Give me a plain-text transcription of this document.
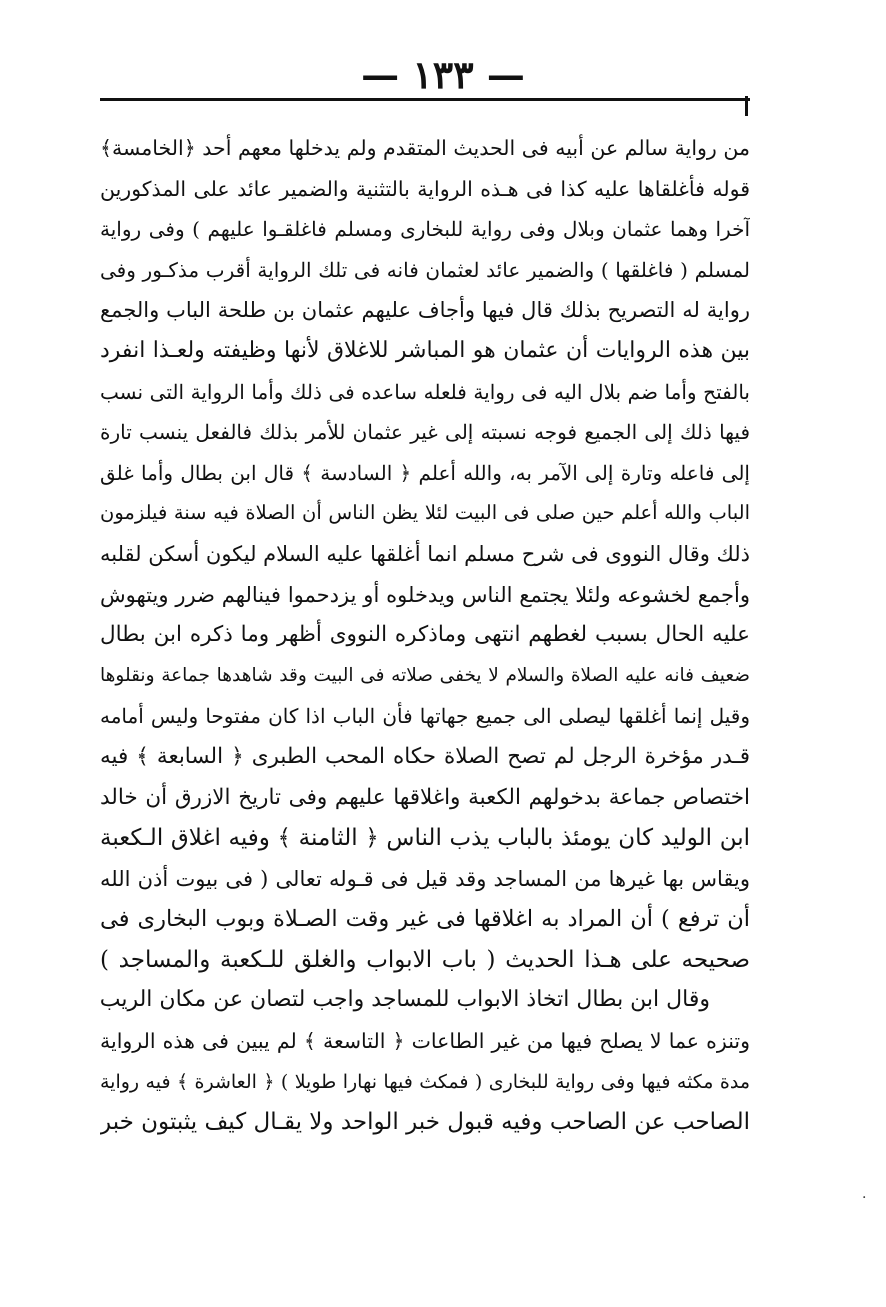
— ١٣٣ —
من رواية سالم عن أبيه فى الحديث المتقدم ولم يدخلها معهم أحد ﴿الخامسة﴾
قوله فأغلقاها عليه كذا فى هـذه الرواية بالتثنية والضمير عائد على المذكورين
آخرا وهما عثمان وبلال وفى رواية للبخارى ومسلم فاغلقـوا عليهم ) وفى رواية
لمسلم ( فاغلقها ) والضمير عائد لعثمان فانه فى تلك الرواية أقرب مذكـور وفى
رواية له التصريح بذلك قال فيها وأجاف عليهم عثمان بن طلحة الباب والجمع
بين هذه الروايات أن عثمان هو المباشر للاغلاق لأنها وظيفته ولعـذا انفرد
بالفتح وأما ضم بلال اليه فى رواية فلعله ساعده فى ذلك وأما الرواية التى نسب
فيها ذلك إلى الجميع فوجه نسبته إلى غير عثمان للأمر بذلك فالفعل ينسب تارة
إلى فاعله وتارة إلى الآمر به، والله أعلم ﴿ السادسة ﴾ قال ابن بطال وأما غلق
الباب والله أعلم حين صلى فى البيت لئلا يظن الناس أن الصلاة فيه سنة فيلزمون
ذلك وقال النووى فى شرح مسلم انما أغلقها عليه السلام ليكون أسكن لقلبه
وأجمع لخشوعه ولئلا يجتمع الناس ويدخلوه أو يزدحموا فينالهم ضرر ويتهوش
عليه الحال بسبب لغطهم انتهى وماذكره النووى أظهر وما ذكره ابن بطال
ضعيف فانه عليه الصلاة والسلام لا يخفى صلاته فى البيت وقد شاهدها جماعة ونقلوها
وقيل إنما أغلقها ليصلى الى جميع جهاتها فأن الباب اذا كان مفتوحا وليس أمامه
قـدر مؤخرة الرجل لم تصح الصلاة حكاه المحب الطبرى ﴿ السابعة ﴾ فيه
اختصاص جماعة بدخولهم الكعبة واغلاقها عليهم وفى تاريخ الازرق أن خالد
ابن الوليد كان يومئذ بالباب يذب الناس ﴿ الثامنة ﴾ وفيه اغلاق الـكعبة
ويقاس بها غيرها من المساجد وقد قيل فى قـوله تعالى ( فى بيوت أذن الله
أن ترفع ) أن المراد به اغلاقها فى غير وقت الصـلاة وبوب البخارى فى
صحيحه على هـذا الحديث ( باب الابواب والغلق للـكعبة والمساجد )
وقال ابن بطال اتخاذ الابواب للمساجد واجب لتصان عن مكان الريب
وتنزه عما لا يصلح فيها من غير الطاعات ﴿ التاسعة ﴾ لم يبين فى هذه الرواية
مدة مكثه فيها وفى رواية للبخارى ( فمكث فيها نهارا طويلا ) ﴿ العاشرة ﴾ فيه رواية
الصاحب عن الصاحب وفيه قبول خبر الواحد ولا يقـال كيف يثبتون خبر
·
